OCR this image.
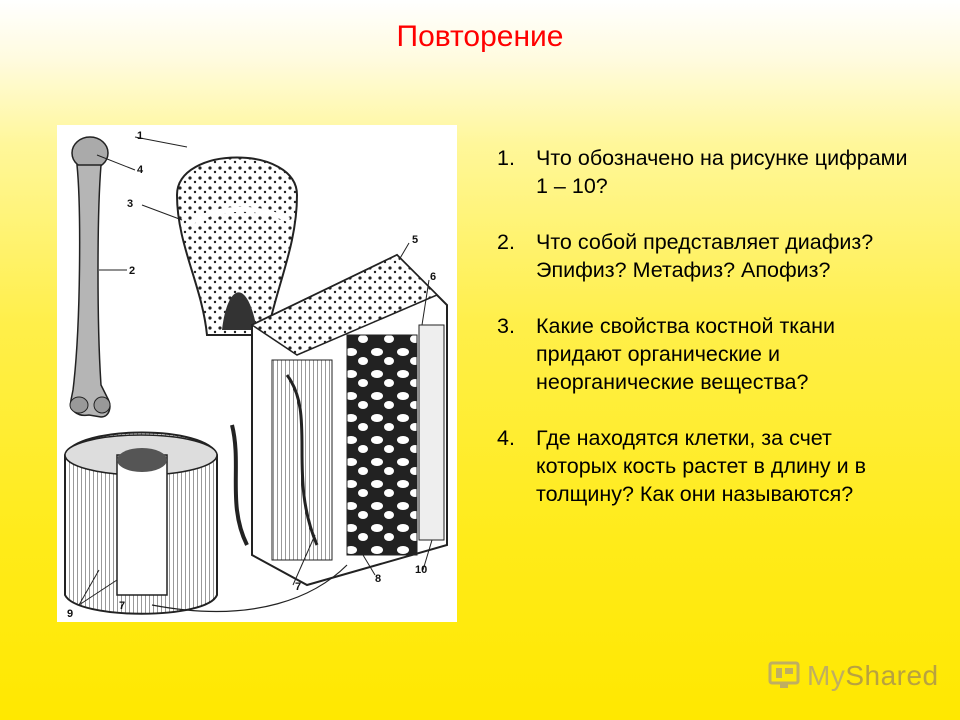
Повторение
1
4
3
2
5
6
7
8
10
9
7
1. Что обозначено на рисунке цифрами 1 – 10?
2. Что собой представляет диафиз? Эпифиз? Метафиз? Апофиз?
3. Какие свойства костной ткани придают органические и неорганические вещества?
4. Где находятся клетки, за счет которых кость растет в длину и в толщину? Как они называются?
MyShared
